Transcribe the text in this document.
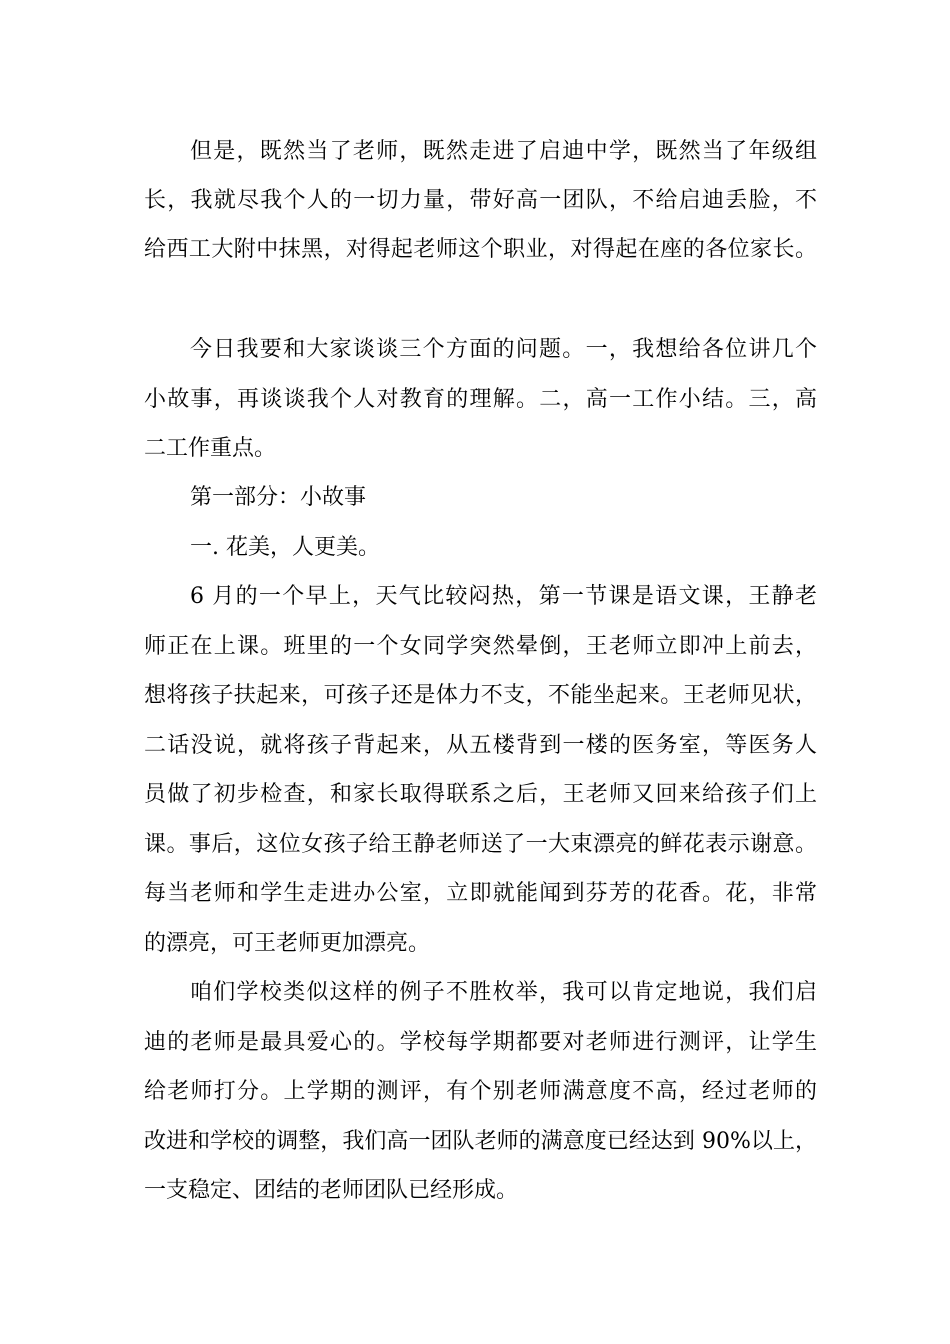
但是，既然当了老师，既然走进了启迪中学，既然当了年级组

长，我就尽我个人的一切力量，带好高一团队，不给启迪丢脸，不

给西工大附中抹黑，对得起老师这个职业，对得起在座的各位家长。

今日我要和大家谈谈三个方面的问题。一，我想给各位讲几个

小故事，再谈谈我个人对教育的理解。二，高一工作小结。三，高

二工作重点。

第一部分：小故事

一. 花美，人更美。

6 月的一个早上，天气比较闷热，第一节课是语文课，王静老

师正在上课。班里的一个女同学突然晕倒，王老师立即冲上前去，

想将孩子扶起来，可孩子还是体力不支，不能坐起来。王老师见状，

二话没说，就将孩子背起来，从五楼背到一楼的医务室，等医务人

员做了初步检查，和家长取得联系之后，王老师又回来给孩子们上

课。事后，这位女孩子给王静老师送了一大束漂亮的鲜花表示谢意。

每当老师和学生走进办公室，立即就能闻到芬芳的花香。花，非常

的漂亮，可王老师更加漂亮。

咱们学校类似这样的例子不胜枚举，我可以肯定地说，我们启

迪的老师是最具爱心的。学校每学期都要对老师进行测评，让学生

给老师打分。上学期的测评，有个别老师满意度不高，经过老师的

改进和学校的调整，我们高一团队老师的满意度已经达到 90%以上，

一支稳定、团结的老师团队已经形成。
